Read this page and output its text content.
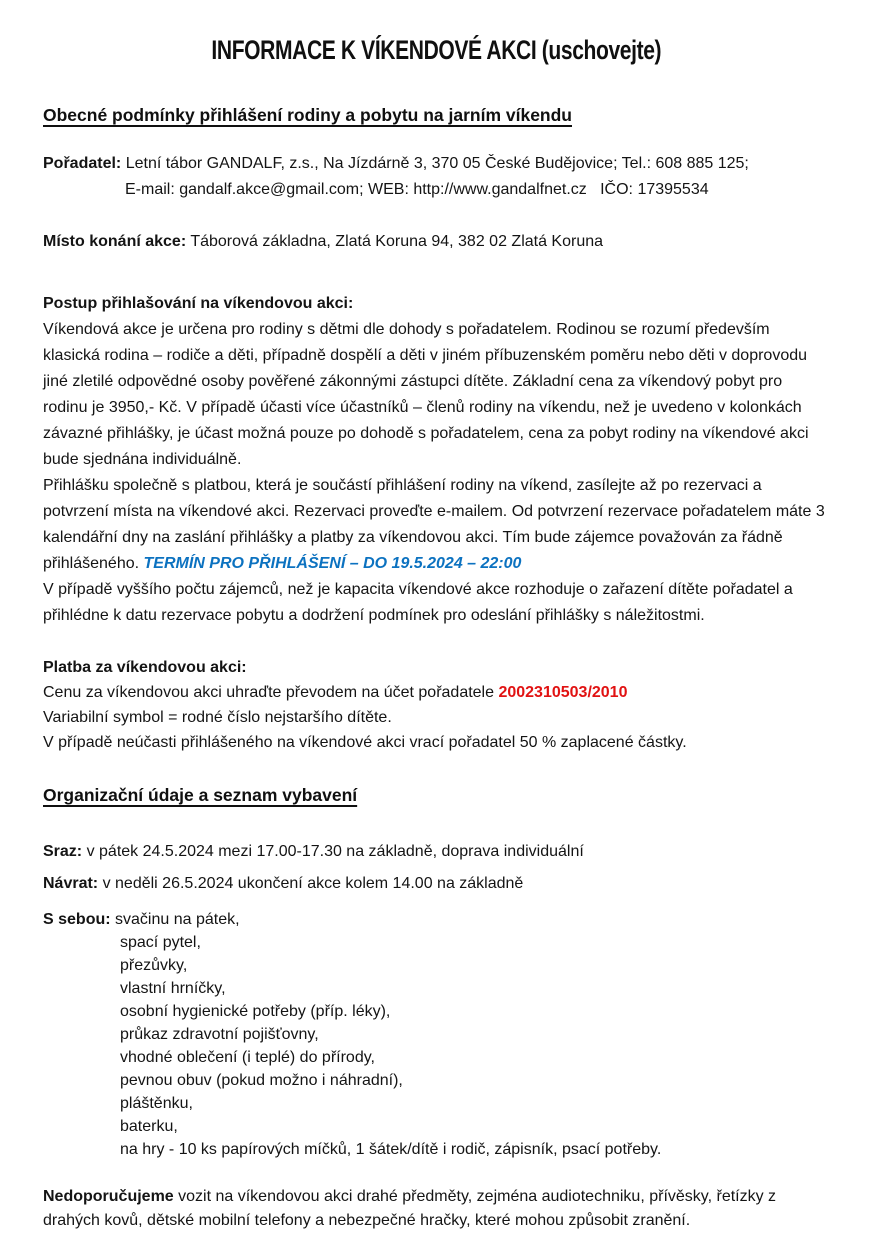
INFORMACE K VÍKENDOVÉ AKCI (uschovejte)
Obecné podmínky přihlášení rodiny a pobytu na jarním víkendu

Pořadatel: Letní tábor GANDALF, z.s., Na Jízdárně 3, 370 05 České Budějovice; Tel.: 608 885 125;

E-mail: gandalf.akce@gmail.com; WEB: http://www.gandalfnet.cz   IČO: 17395534

Místo konání akce: Táborová základna, Zlatá Koruna 94, 382 02 Zlatá Koruna

Postup přihlašování na víkendovou akci:

Víkendová akce je určena pro rodiny s dětmi dle dohody s pořadatelem. Rodinou se rozumí především klasická rodina – rodiče a děti, případně dospělí a děti v jiném příbuzenském poměru nebo děti v doprovodu jiné zletilé odpovědné osoby pověřené zákonnými zástupci dítěte. Základní cena za víkendový pobyt pro rodinu je 3950,- Kč. V případě účasti více účastníků – členů rodiny na víkendu, než je uvedeno v kolonkách závazné přihlášky, je účast možná pouze po dohodě s pořadatelem, cena za pobyt rodiny na víkendové akci bude sjednána individuálně.

Přihlášku společně s platbou, která je součástí přihlášení rodiny na víkend, zasílejte až po rezervaci a potvrzení místa na víkendové akci. Rezervaci proveďte e-mailem. Od potvrzení rezervace pořadatelem máte 3 kalendářní dny na zaslání přihlášky a platby za víkendovou akci. Tím bude zájemce považován za řádně přihlášeného. TERMÍN PRO PŘIHLÁŠENÍ – DO 19.5.2024 – 22:00

V případě vyššího počtu zájemců, než je kapacita víkendové akce rozhoduje o zařazení dítěte pořadatel a přihlédne k datu rezervace pobytu a dodržení podmínek pro odeslání přihlášky s náležitostmi.

Platba za víkendovou akci:

Cenu za víkendovou akci uhraďte převodem na účet pořadatele 2002310503/2010

Variabilní symbol = rodné číslo nejstaršího dítěte.

V případě neúčasti přihlášeného na víkendové akci vrací pořadatel 50 % zaplacené částky.

Organizační údaje a seznam vybavení

Sraz: v pátek 24.5.2024 mezi 17.00-17.30 na základně, doprava individuální

Návrat: v neděli 26.5.2024 ukončení akce kolem 14.00 na základně

S sebou: svačinu na pátek,

spací pytel,
přezůvky,
vlastní hrníčky,
osobní hygienické potřeby (příp. léky),
průkaz zdravotní pojišťovny,
vhodné oblečení (i teplé) do přírody,
pevnou obuv (pokud možno i náhradní),
pláštěnku,
baterku,
na hry - 10 ks papírových míčků, 1 šátek/dítě i rodič, zápisník, psací potřeby.

Nedoporučujeme vozit na víkendovou akci drahé předměty, zejména audiotechniku, přívěsky, řetízky z drahých kovů, dětské mobilní telefony a nebezpečné hračky, které mohou způsobit zranění.
